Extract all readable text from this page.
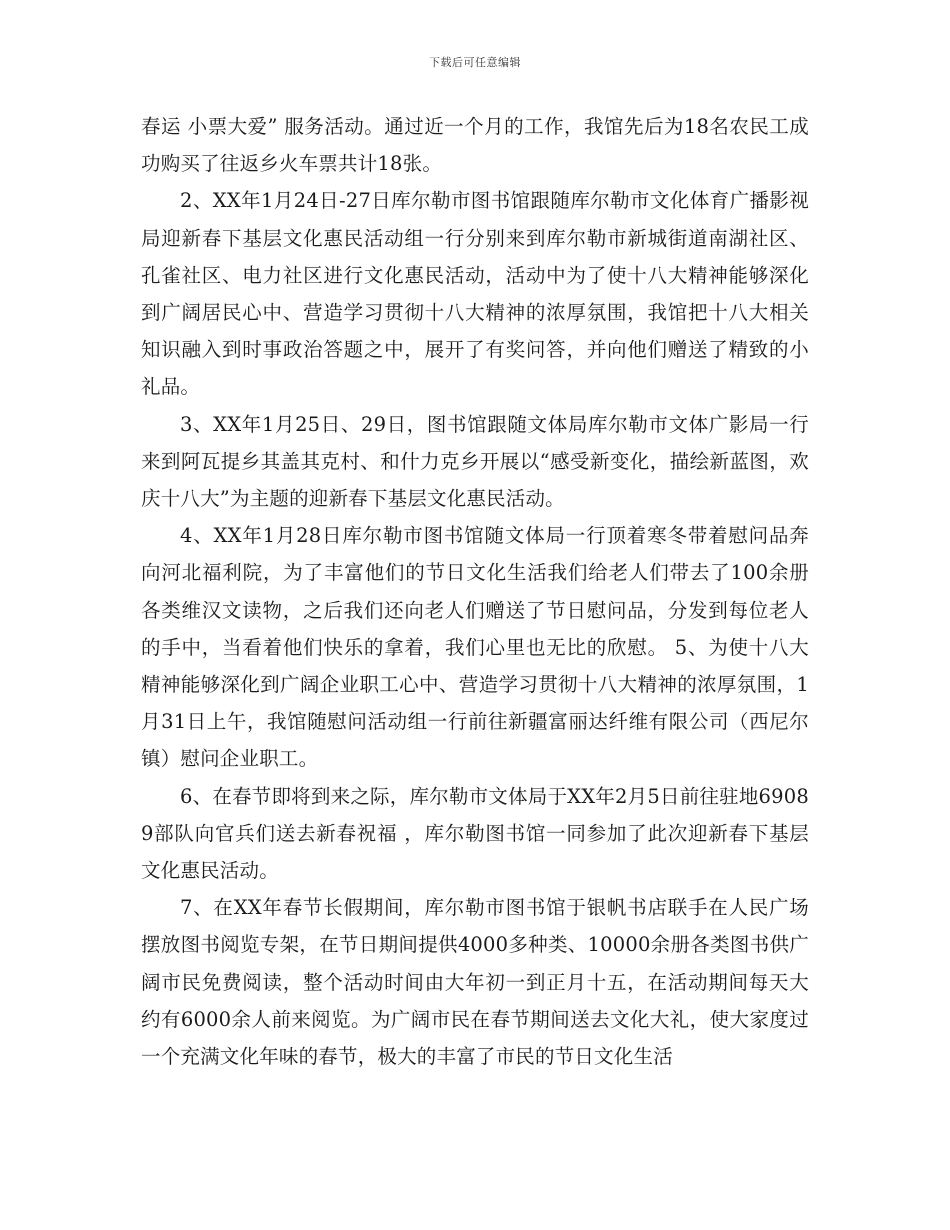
下载后可任意编辑

春运 小票大爱” 服务活动。通过近一个月的工作，我馆先后为18名农民工成功购买了往返乡火车票共计18张。

2、XX年1月24日-27日库尔勒市图书馆跟随库尔勒市文化体育广播影视局迎新春下基层文化惠民活动组一行分别来到库尔勒市新城街道南湖社区、孔雀社区、电力社区进行文化惠民活动，活动中为了使十八大精神能够深化到广阔居民心中、营造学习贯彻十八大精神的浓厚氛围，我馆把十八大相关知识融入到时事政治答题之中，展开了有奖问答，并向他们赠送了精致的小礼品。

3、XX年1月25日、29日，图书馆跟随文体局库尔勒市文体广影局一行来到阿瓦提乡其盖其克村、和什力克乡开展以“感受新变化，描绘新蓝图，欢庆十八大”为主题的迎新春下基层文化惠民活动。

4、XX年1月28日库尔勒市图书馆随文体局一行顶着寒冬带着慰问品奔向河北福利院，为了丰富他们的节日文化生活我们给老人们带去了100余册各类维汉文读物，之后我们还向老人们赠送了节日慰问品，分发到每位老人的手中，当看着他们快乐的拿着，我们心里也无比的欣慰。 5、为使十八大精神能够深化到广阔企业职工心中、营造学习贯彻十八大精神的浓厚氛围，1月31日上午，我馆随慰问活动组一行前往新疆富丽达纤维有限公司（西尼尔镇）慰问企业职工。

6、在春节即将到来之际，库尔勒市文体局于XX年2月5日前往驻地69089部队向官兵们送去新春祝福 ，库尔勒图书馆一同参加了此次迎新春下基层文化惠民活动。

7、在XX年春节长假期间，库尔勒市图书馆于银帆书店联手在人民广场摆放图书阅览专架，在节日期间提供4000多种类、10000余册各类图书供广阔市民免费阅读，整个活动时间由大年初一到正月十五，在活动期间每天大约有6000余人前来阅览。为广阔市民在春节期间送去文化大礼，使大家度过一个充满文化年味的春节，极大的丰富了市民的节日文化生活
